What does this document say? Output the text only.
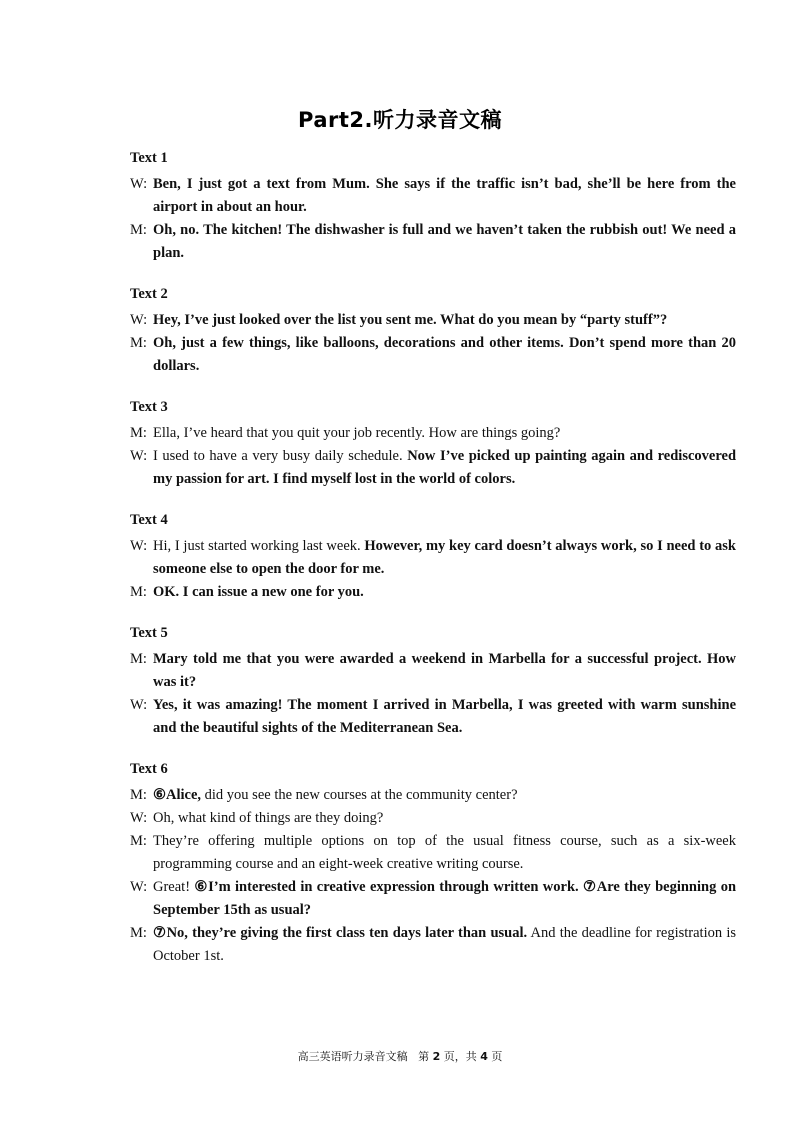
Part2.听力录音文稿
Text 1
W: Ben, I just got a text from Mum. She says if the traffic isn’t bad, she’ll be here from the airport in about an hour.
M: Oh, no. The kitchen! The dishwasher is full and we haven’t taken the rubbish out! We need a plan.
Text 2
W: Hey, I’ve just looked over the list you sent me. What do you mean by “party stuff”?
M: Oh, just a few things, like balloons, decorations and other items. Don’t spend more than 20 dollars.
Text 3
M: Ella, I’ve heard that you quit your job recently. How are things going?
W: I used to have a very busy daily schedule. Now I’ve picked up painting again and rediscovered my passion for art. I find myself lost in the world of colors.
Text 4
W: Hi, I just started working last week. However, my key card doesn’t always work, so I need to ask someone else to open the door for me.
M: OK. I can issue a new one for you.
Text 5
M: Mary told me that you were awarded a weekend in Marbella for a successful project. How was it?
W: Yes, it was amazing! The moment I arrived in Marbella, I was greeted with warm sunshine and the beautiful sights of the Mediterranean Sea.
Text 6
M: ⑥Alice, did you see the new courses at the community center?
W: Oh, what kind of things are they doing?
M: They’re offering multiple options on top of the usual fitness course, such as a six-week programming course and an eight-week creative writing course.
W: Great! ⑥I’m interested in creative expression through written work. ⑦Are they beginning on September 15th as usual?
M: ⑦No, they’re giving the first class ten days later than usual. And the deadline for registration is October 1st.
高三英语听力录音文稿 第 2 页，共 4 页
